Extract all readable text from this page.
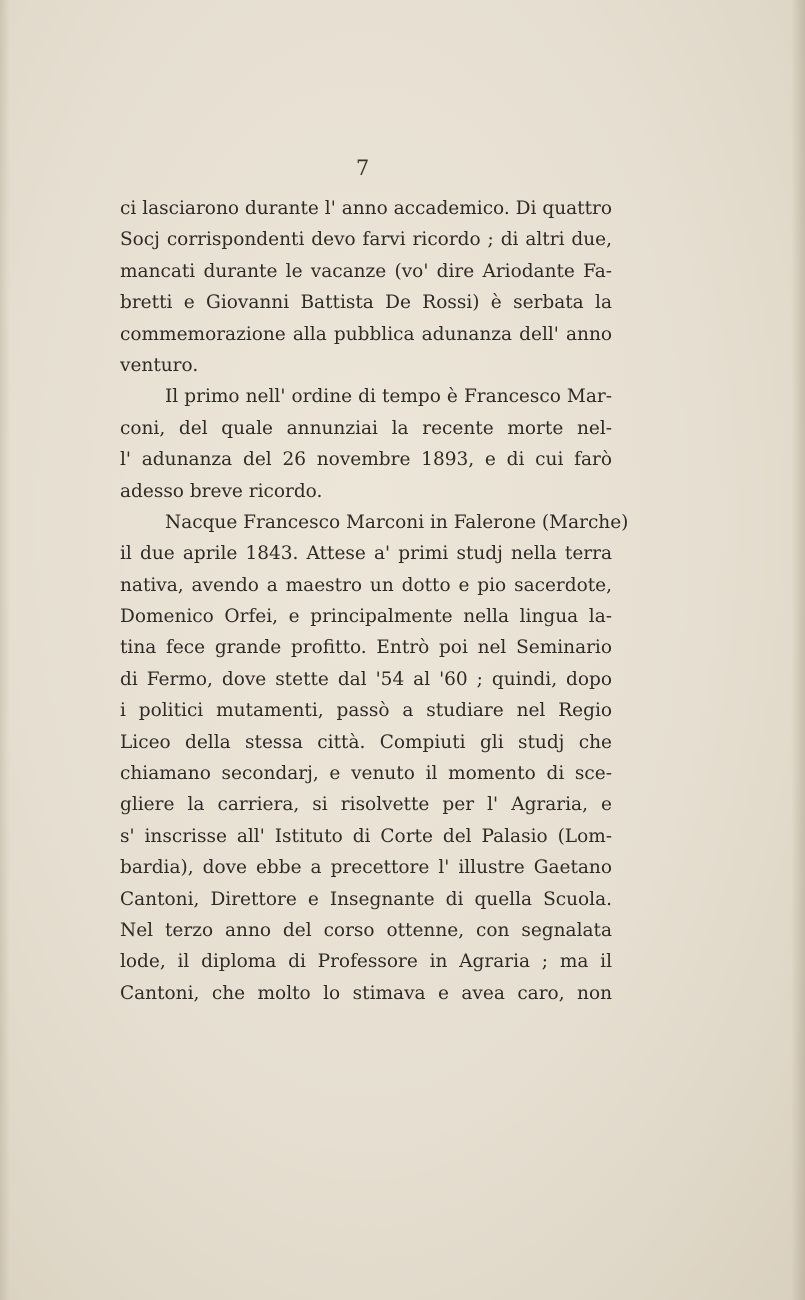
7
ci lasciarono durante l' anno accademico. Di quattro
Socj corrispondenti devo farvi ricordo ; di altri due,
mancati durante le vacanze (vo' dire Ariodante Fa-
bretti e Giovanni Battista De Rossi) è serbata la
commemorazione alla pubblica adunanza dell' anno
venturo.
Il primo nell' ordine di tempo è Francesco Mar-
coni, del quale annunziai la recente morte nel-
l' adunanza del 26 novembre 1893, e di cui farò
adesso breve ricordo.
Nacque Francesco Marconi in Falerone (Marche)
il due aprile 1843. Attese a' primi studj nella terra
nativa, avendo a maestro un dotto e pio sacerdote,
Domenico Orfei, e principalmente nella lingua la-
tina fece grande profitto. Entrò poi nel Seminario
di Fermo, dove stette dal '54 al '60 ; quindi, dopo
i politici mutamenti, passò a studiare nel Regio
Liceo della stessa città. Compiuti gli studj che
chiamano secondarj, e venuto il momento di sce-
gliere la carriera, si risolvette per l' Agraria, e
s' inscrisse all' Istituto di Corte del Palasio (Lom-
bardia), dove ebbe a precettore l' illustre Gaetano
Cantoni, Direttore e Insegnante di quella Scuola.
Nel terzo anno del corso ottenne, con segnalata
lode, il diploma di Professore in Agraria ; ma il
Cantoni, che molto lo stimava e avea caro, non
